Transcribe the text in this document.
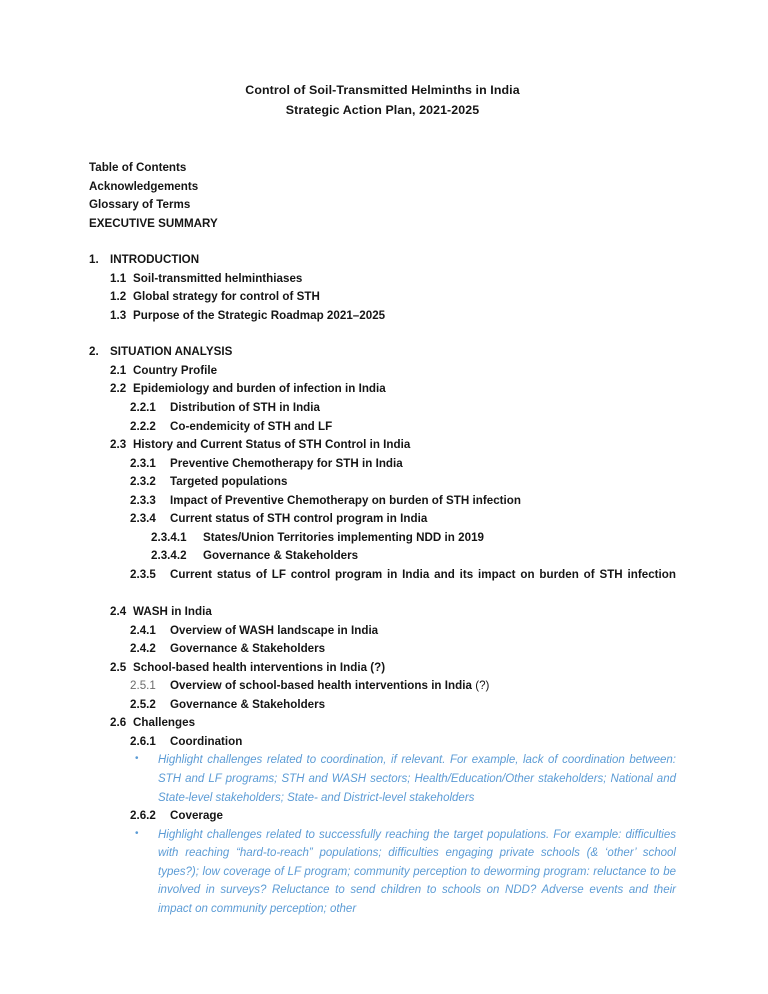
Control of Soil-Transmitted Helminths in India
Strategic Action Plan, 2021-2025
Table of Contents
Acknowledgements
Glossary of Terms
EXECUTIVE SUMMARY
1. INTRODUCTION
1.1 Soil-transmitted helminthiases
1.2 Global strategy for control of STH
1.3 Purpose of the Strategic Roadmap 2021–2025
2. SITUATION ANALYSIS
2.1 Country Profile
2.2 Epidemiology and burden of infection in India
2.2.1	Distribution of STH in India
2.2.2	Co-endemicity of STH and LF
2.3 History and Current Status of STH Control in India
2.3.1	Preventive Chemotherapy for STH in India
2.3.2	Targeted populations
2.3.3	Impact of Preventive Chemotherapy on burden of STH infection
2.3.4	Current status of STH control program in India
2.3.4.1	States/Union Territories implementing NDD in 2019
2.3.4.2	Governance & Stakeholders
2.3.5	Current status of LF control program in India and its impact on burden of STH infection
2.4 WASH in India
2.4.1	Overview of WASH landscape in India
2.4.2	Governance & Stakeholders
2.5 School-based health interventions in India (?)
2.5.1	Overview of school-based health interventions in India (?)
2.5.2	Governance & Stakeholders
2.6 Challenges
2.6.1	Coordination
•	Highlight challenges related to coordination, if relevant. For example, lack of coordination between: STH and LF programs; STH and WASH sectors; Health/Education/Other stakeholders; National and State-level stakeholders; State- and District-level stakeholders
2.6.2	Coverage
•	Highlight challenges related to successfully reaching the target populations. For example: difficulties with reaching “hard-to-reach” populations; difficulties engaging private schools (& ‘other’ school types?); low coverage of LF program; community perception to deworming program: reluctance to be involved in surveys? Reluctance to send children to schools on NDD? Adverse events and their impact on community perception; other
